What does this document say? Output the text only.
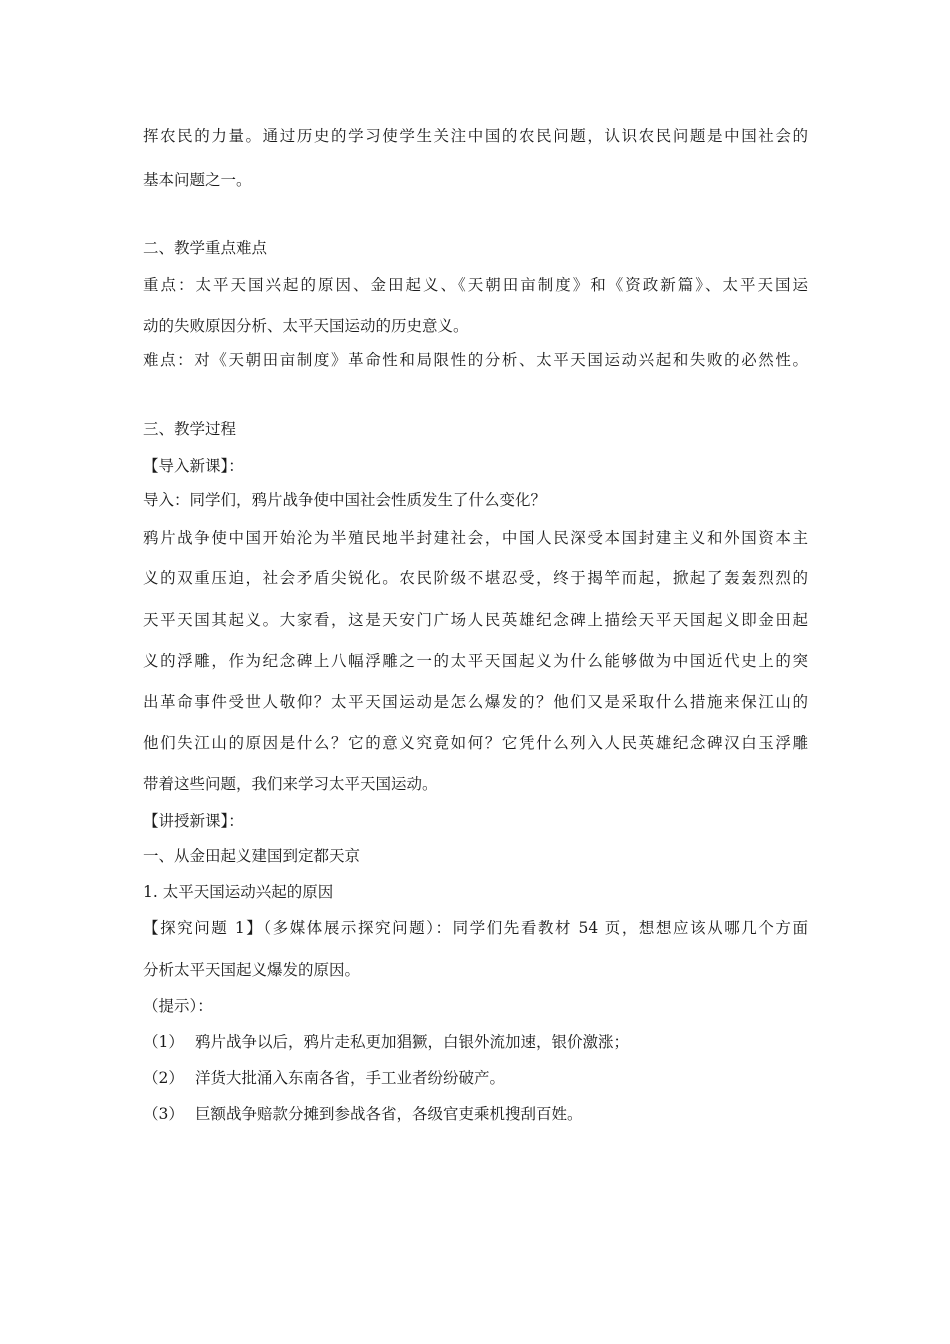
挥农民的力量。通过历史的学习使学生关注中国的农民问题，认识农民问题是中国社会的
基本问题之一。
二、教学重点难点
重点：太平天国兴起的原因、金田起义、《天朝田亩制度》和《资政新篇》、太平天国运
动的失败原因分析、太平天国运动的历史意义。
难点：对《天朝田亩制度》革命性和局限性的分析、太平天国运动兴起和失败的必然性。
三、教学过程
【导入新课】：
导入：同学们，鸦片战争使中国社会性质发生了什么变化？
鸦片战争使中国开始沦为半殖民地半封建社会，中国人民深受本国封建主义和外国资本主
义的双重压迫，社会矛盾尖锐化。农民阶级不堪忍受，终于揭竿而起，掀起了轰轰烈烈的
天平天国其起义。大家看，这是天安门广场人民英雄纪念碑上描绘天平天国起义即金田起
义的浮雕，作为纪念碑上八幅浮雕之一的太平天国起义为什么能够做为中国近代史上的突
出革命事件受世人敬仰？太平天国运动是怎么爆发的？他们又是采取什么措施来保江山的
他们失江山的原因是什么？它的意义究竟如何？它凭什么列入人民英雄纪念碑汉白玉浮雕
带着这些问题，我们来学习太平天国运动。
【讲授新课】：
一、从金田起义建国到定都天京
1. 太平天国运动兴起的原因
【探究问题 1】（多媒体展示探究问题）：同学们先看教材 54 页，想想应该从哪几个方面
分析太平天国起义爆发的原因。
（提示）：
（1） 鸦片战争以后，鸦片走私更加猖獗，白银外流加速，银价激涨；
（2） 洋货大批涌入东南各省，手工业者纷纷破产。
（3） 巨额战争赔款分摊到参战各省，各级官吏乘机搜刮百姓。
